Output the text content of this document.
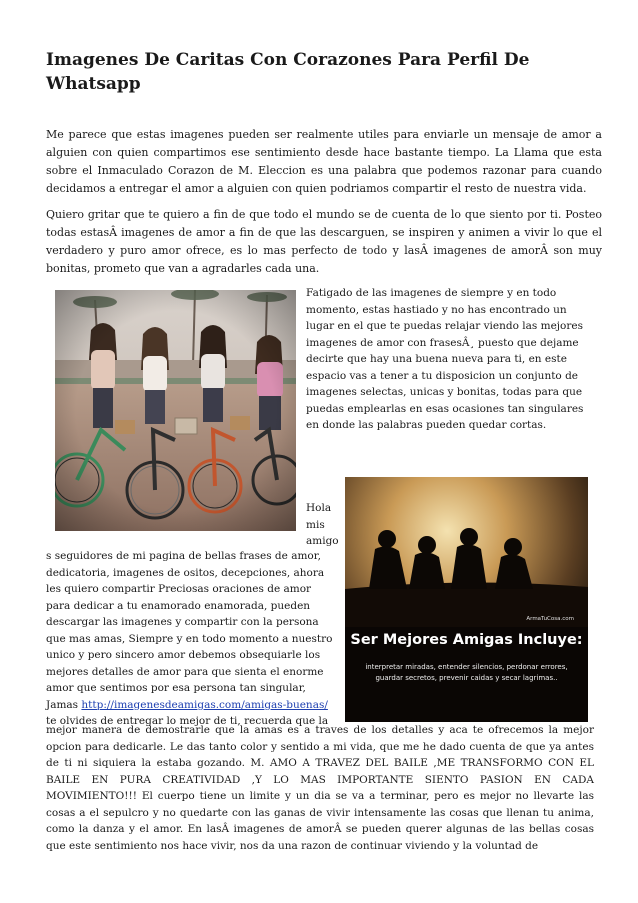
Imagenes De Caritas Con Corazones Para Perfil De Whatsapp

Me parece que estas imagenes pueden ser realmente utiles para enviarle un mensaje de amor a alguien con quien compartimos ese sentimiento desde hace bastante tiempo. La Llama que esta sobre el Inmaculado Corazon de M. Eleccion es una palabra que podemos razonar para cuando decidamos a entregar el amor a alguien con quien podriamos compartir el resto de nuestra vida.

Quiero gritar que te quiero a fin de que todo el mundo se de cuenta de lo que siento por ti. Posteo todas estasÂ imagenes de amor a fin de que las descarguen, se inspiren y animen a vivir lo que el verdadero y puro amor ofrece, es lo mas perfecto de todo y lasÂ imagenes de amorÂ son muy bonitas, prometo que van a agradarles cada una.

Fatigado de las imagenes de siempre y en todo momento, estas hastiado y no has encontrado un lugar en el que te puedas relajar viendo las mejores imagenes de amor con frasesÂ¸ puesto que dejame decirte que hay una buena nueva para ti, en este espacio vas a tener a tu disposicion un conjunto de imagenes selectas, unicas y bonitas, todas para que puedas emplearlas en esas ocasiones tan singulares en donde las palabras pueden quedar cortas.

ArmaTuCosa.com
Ser Mejores Amigas Incluye:
interpretar miradas, entender silencios, perdonar errores, guardar secretos, prevenir caidas y secar lagrimas..

Hola mis amigo

s seguidores de mi pagina de bellas frases de amor, dedicatoria, imagenes de ositos, decepciones, ahora les quiero compartir Preciosas oraciones de amor para dedicar a tu enamorado enamorada, pueden descargar las imagenes y compartir con la persona que mas amas, Siempre y en todo momento a nuestro unico y pero sincero amor debemos obsequiarle los mejores detalles de amor para que sienta el enorme amor que sentimos por esa persona tan singular, Jamas http://imagenesdeamigas.com/amigas-buenas/
te olvides de entregar lo mejor de ti, recuerda que la

mejor manera de demostrarle que la amas es a traves de los detalles y aca te ofrecemos la mejor opcion para dedicarle. Le das tanto color y sentido a mi vida, que me he dado cuenta de que ya antes de ti ni siquiera la estaba gozando. M. AMO A TRAVEZ DEL BAILE ,ME TRANSFORMO CON EL BAILE EN PURA CREATIVIDAD ,Y LO MAS IMPORTANTE SIENTO PASION EN CADA MOVIMIENTO!!! El cuerpo tiene un limite y un dia se va a terminar, pero es mejor no llevarte las cosas a el sepulcro y no quedarte con las ganas de vivir intensamente las cosas que llenan tu anima, como la danza y el amor. En lasÂ imagenes de amorÂ se pueden querer algunas de las bellas cosas que este sentimiento nos hace vivir, nos da una razon de continuar viviendo y la voluntad de
